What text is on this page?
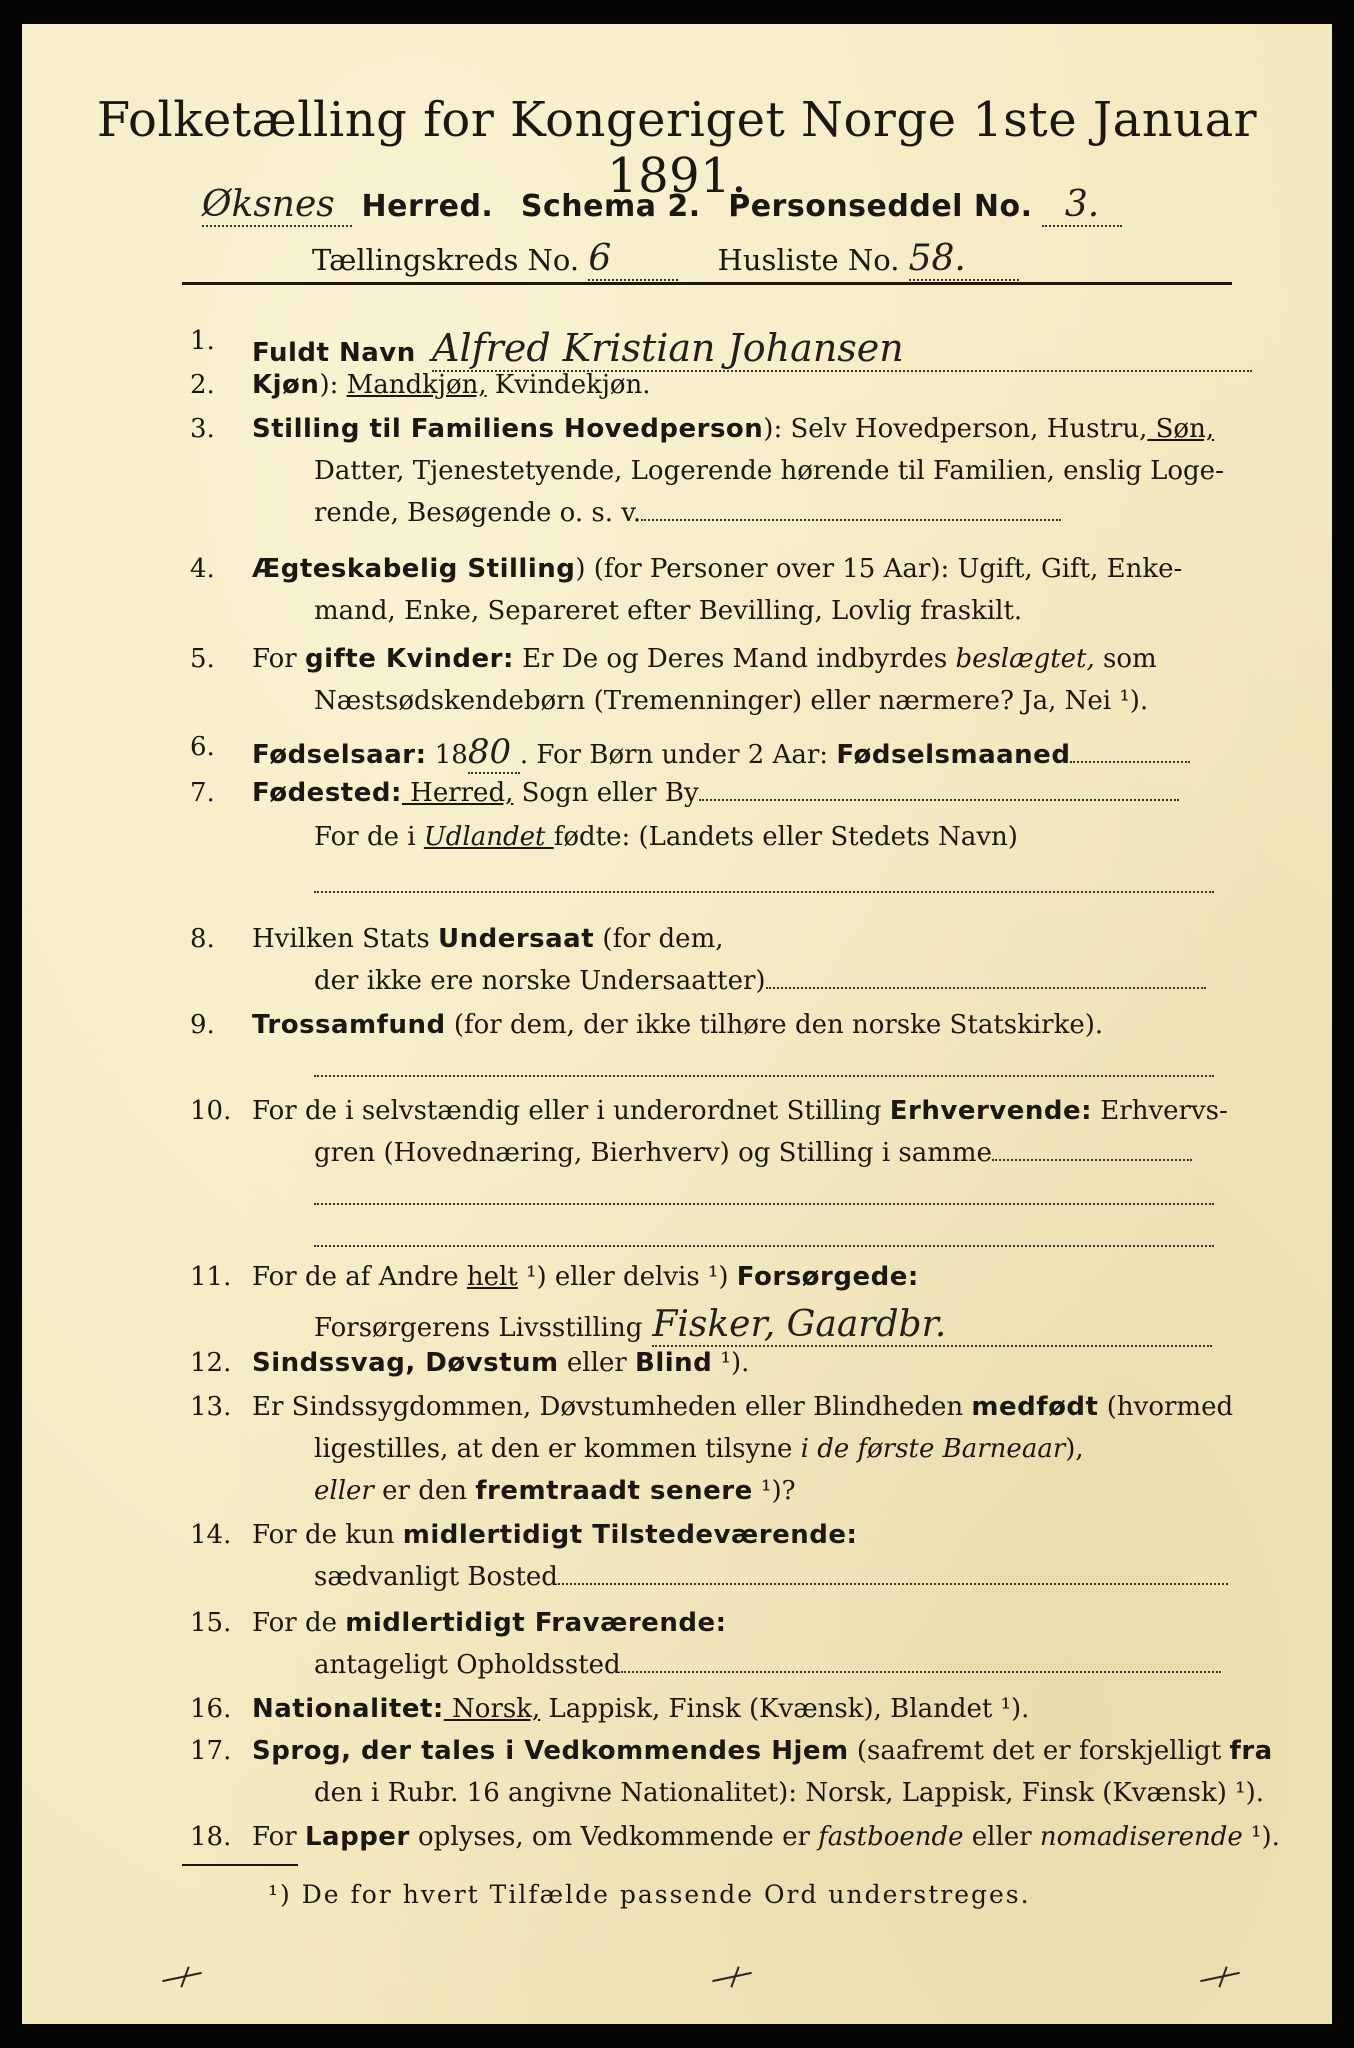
Folketælling for Kongeriget Norge 1ste Januar 1891.
Øksnes Herred. Schema 2. Personseddel No. 3.
Tællingskreds No. 6	Husliste No. 58.
1. Fuldt Navn Alfred Kristian Johansen
2. Kjøn): Mandkjøn, Kvindekjøn.
3. Stilling til Familiens Hovedperson): Selv Hovedperson, Hustru, Søn,
Datter, Tjenestetyende, Logerende hørende til Familien, enslig Loge-
rende, Besøgende o. s. v.
4. Ægteskabelig Stilling) (for Personer over 15 Aar): Ugift, Gift, Enke-
mand, Enke, Separeret efter Bevilling, Lovlig fraskilt.
5. For gifte Kvinder: Er De og Deres Mand indbyrdes beslægtet, som
Næstsødskendebørn (Tremenninger) eller nærmere? Ja, Nei ¹).
6. Fødselsaar: 1880 . For Børn under 2 Aar: Fødselsmaaned
7. Fødested: Herred, Sogn eller By
For de i Udlandet fødte: (Landets eller Stedets Navn)
8. Hvilken Stats Undersaat (for dem,
der ikke ere norske Undersaatter)
9. Trossamfund (for dem, der ikke tilhøre den norske Statskirke).
10. For de i selvstændig eller i underordnet Stilling Erhvervende: Erhvervs-
gren (Hovednæring, Bierhverv) og Stilling i samme
11. For de af Andre helt ¹) eller delvis ¹) Forsørgede:
Forsørgerens Livsstilling Fisker, Gaardbr.
12. Sindssvag, Døvstum eller Blind ¹).
13. Er Sindssygdommen, Døvstumheden eller Blindheden medfødt (hvormed
ligestilles, at den er kommen tilsyne i de første Barneaar),
eller er den fremtraadt senere ¹)?
14. For de kun midlertidigt Tilstedeværende:
sædvanligt Bosted
15. For de midlertidigt Fraværende:
antageligt Opholdssted
16. Nationalitet: Norsk, Lappisk, Finsk (Kvænsk), Blandet ¹).
17. Sprog, der tales i Vedkommendes Hjem (saafremt det er forskjelligt fra
den i Rubr. 16 angivne Nationalitet): Norsk, Lappisk, Finsk (Kvænsk) ¹).
18. For Lapper oplyses, om Vedkommende er fastboende eller nomadiserende ¹).
¹) De for hvert Tilfælde passende Ord understreges.
